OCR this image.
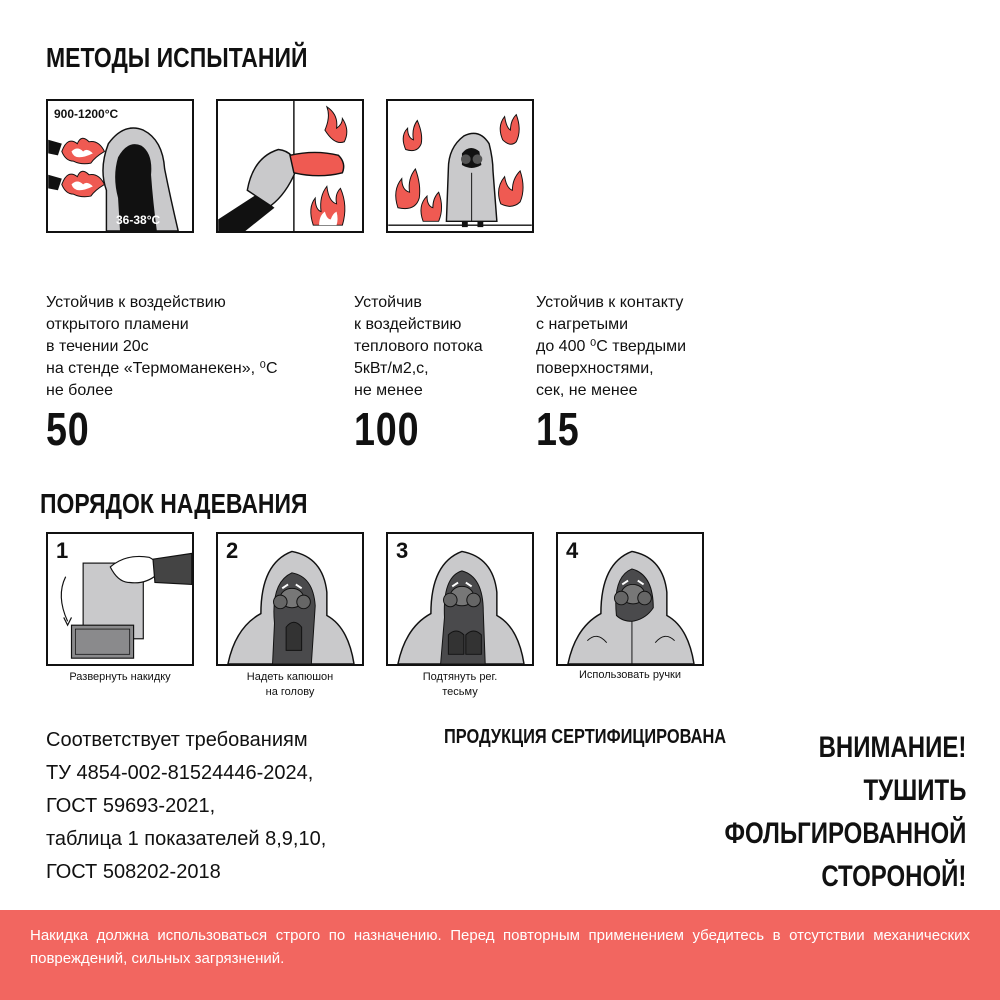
МЕТОДЫ ИСПЫТАНИЙ
900-1200°C
36-38°C
Устойчив к воздействию
открытого пламени
в течении 20с
на стенде «Термоманекен», ⁰С
не более
50
Устойчив
к воздействию
теплового потока
5кВт/м2,с,
не менее
100
Устойчив к контакту
с нагретыми
до 400 ⁰С твердыми
поверхностями,
сек, не менее
15
ПОРЯДОК НАДЕВАНИЯ
1
Развернуть накидку
2
Надеть капюшон
на голову
3
Подтянуть рег.
тесьму
4
Использовать ручки
Соответствует требованиям
ТУ 4854-002-81524446-2024,
ГОСТ 59693-2021,
таблица 1 показателей 8,9,10,
ГОСТ 508202-2018
ПРОДУКЦИЯ СЕРТИФИЦИРОВАНА	ВНИМАНИЕ!
ТУШИТЬ
ФОЛЬГИРОВАННОЙ
СТОРОНОЙ!
Накидка должна использоваться строго по назначению. Перед повторным применением убедитесь в отсутствии механических повреждений, сильных загрязнений.
